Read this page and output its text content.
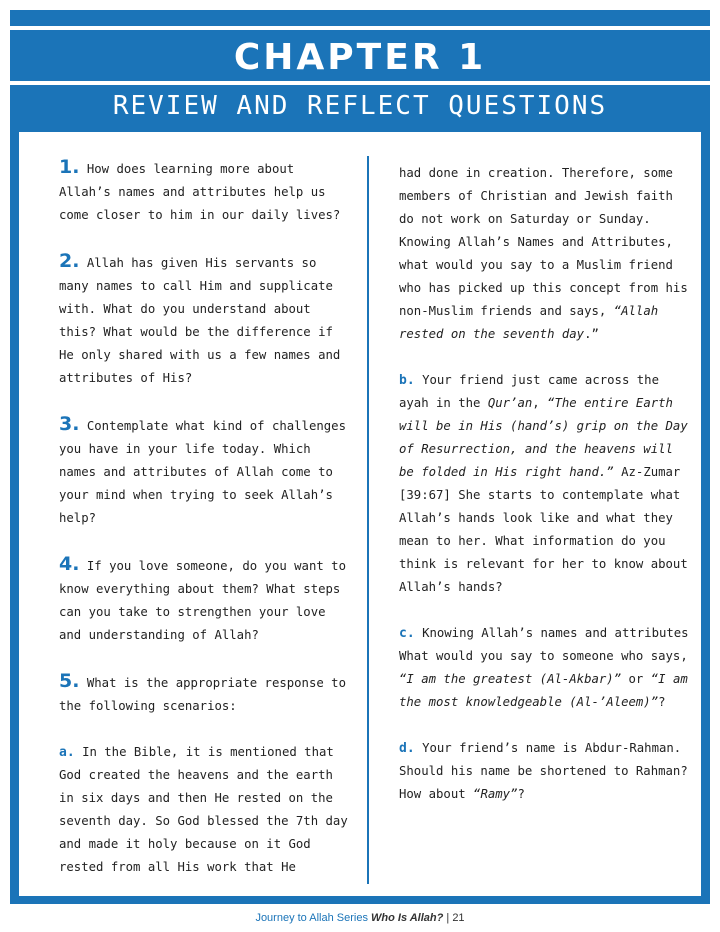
CHAPTER 1
REVIEW AND REFLECT QUESTIONS

1. How does learning more about Allah’s names and attributes help us come closer to him in our daily lives?

2. Allah has given His servants so many names to call Him and supplicate with. What do you understand about this? What would be the difference if He only shared with us a few names and attributes of His?

3. Contemplate what kind of challenges you have in your life today. Which names and attributes of Allah come to your mind when trying to seek Allah’s help?

4. If you love someone, do you want to know everything about them? What steps can you take to strengthen your love and understanding of Allah?

5. What is the appropriate response to the following scenarios:

a. In the Bible, it is mentioned that God created the heavens and the earth in six days and then He rested on the seventh day. So God blessed the 7th day and made it holy because on it God rested from all His work that He

had done in creation. Therefore, some members of Christian and Jewish faith do not work on Saturday or Sunday. Knowing Allah’s Names and Attributes, what would you say to a Muslim friend who has picked up this concept from his non-Muslim friends and says, “Allah rested on the seventh day.”

b. Your friend just came across the ayah in the Qur’an, “The entire Earth will be in His (hand’s) grip on the Day of Resurrection, and the heavens will be folded in His right hand.” Az-Zumar [39:67] She starts to contemplate what Allah’s hands look like and what they mean to her. What information do you think is relevant for her to know about Allah’s hands?

c. Knowing Allah’s names and attributes What would you say to someone who says, “I am the greatest (Al-Akbar)” or “I am the most knowledgeable (Al-’Aleem)”?

d. Your friend’s name is Abdur-Rahman. Should his name be shortened to Rahman? How about “Ramy”?

Journey to Allah Series Who Is Allah? | 21
